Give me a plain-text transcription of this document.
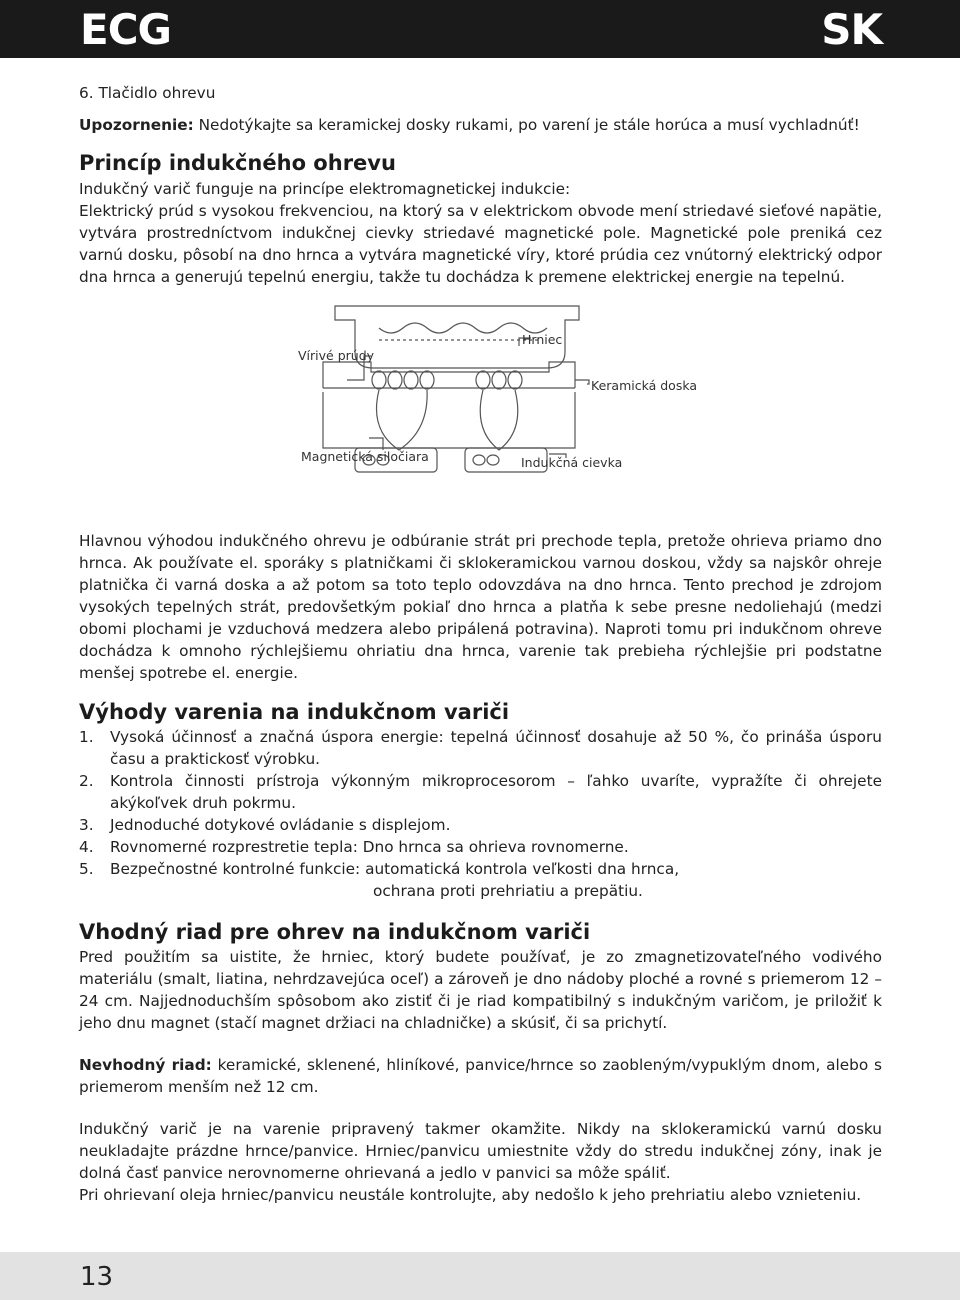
ECG	SK

6. Tlačidlo ohrevu

Upozornenie: Nedotýkajte sa keramickej dosky rukami, po varení je stále horúca a musí vychladnúť!

Princíp indukčného ohrevu

Indukčný varič funguje na princípe elektromagnetickej indukcie:

Elektrický prúd s vysokou frekvenciou, na ktorý sa v elektrickom obvode mení striedavé sieťové napätie, vytvára prostredníctvom indukčnej cievky striedavé magnetické pole. Magnetické pole preniká cez varnú dosku, pôsobí na dno hrnca a vytvára magnetické víry, ktoré prúdia cez vnútorný elektrický odpor dna hrnca a generujú tepelnú energiu, takže tu dochádza k premene elektrickej energie na tepelnú.

Vírivé prúdy
Hrniec
Keramická doska
Magnetická siločiara	Indukčná cievka

Hlavnou výhodou indukčného ohrevu je odbúranie strát pri prechode tepla, pretože ohrieva priamo dno hrnca. Ak používate el. sporáky s platničkami či sklokeramickou varnou doskou, vždy sa najskôr ohreje platnička či varná doska a až potom sa toto teplo odovzdáva na dno hrnca. Tento prechod je zdrojom vysokých tepelných strát, predovšetkým pokiaľ dno hrnca a platňa k sebe presne nedoliehajú (medzi obomi plochami je vzduchová medzera alebo pripálená potravina). Naproti tomu pri indukčnom ohreve dochádza k omnoho rýchlejšiemu ohriatiu dna hrnca, varenie tak prebieha rýchlejšie pri podstatne menšej spotrebe el. energie.

Výhody varenia na indukčnom variči
1. Vysoká účinnosť a značná úspora energie: tepelná účinnosť dosahuje až 50 %, čo prináša úsporu času a praktickosť výrobku.
2. Kontrola činnosti prístroja výkonným mikroprocesorom – ľahko uvaríte, vypražíte či ohrejete akýkoľvek druh pokrmu.
3. Jednoduché dotykové ovládanie s displejom.
4. Rovnomerné rozprestretie tepla: Dno hrnca sa ohrieva rovnomerne.
5. Bezpečnostné kontrolné funkcie: automatická kontrola veľkosti dna hrnca,
ochrana proti prehriatiu a prepätiu.
Vhodný riad pre ohrev na indukčnom variči

Pred použitím sa uistite, že hrniec, ktorý budete používať, je zo zmagnetizovateľného vodivého materiálu (smalt, liatina, nehrdzavejúca oceľ) a zároveň je dno nádoby ploché a rovné s priemerom 12 – 24 cm. Najjednoduchším spôsobom ako zistiť či je riad kompatibilný s indukčným varičom, je priložiť k jeho dnu magnet (stačí magnet držiaci na chladničke) a skúsiť, či sa prichytí.

Nevhodný riad: keramické, sklenené, hliníkové, panvice/hrnce so zaobleným/vypuklým dnom, alebo s priemerom menším než 12 cm.

Indukčný varič je na varenie pripravený takmer okamžite. Nikdy na sklokeramickú varnú dosku neukladajte prázdne hrnce/panvice. Hrniec/panvicu umiestnite vždy do stredu indukčnej zóny, inak je dolná časť panvice nerovnomerne ohrievaná a jedlo v panvici sa môže spáliť.

Pri ohrievaní oleja hrniec/panvicu neustále kontrolujte, aby nedošlo k jeho prehriatiu alebo vznieteniu.

13
